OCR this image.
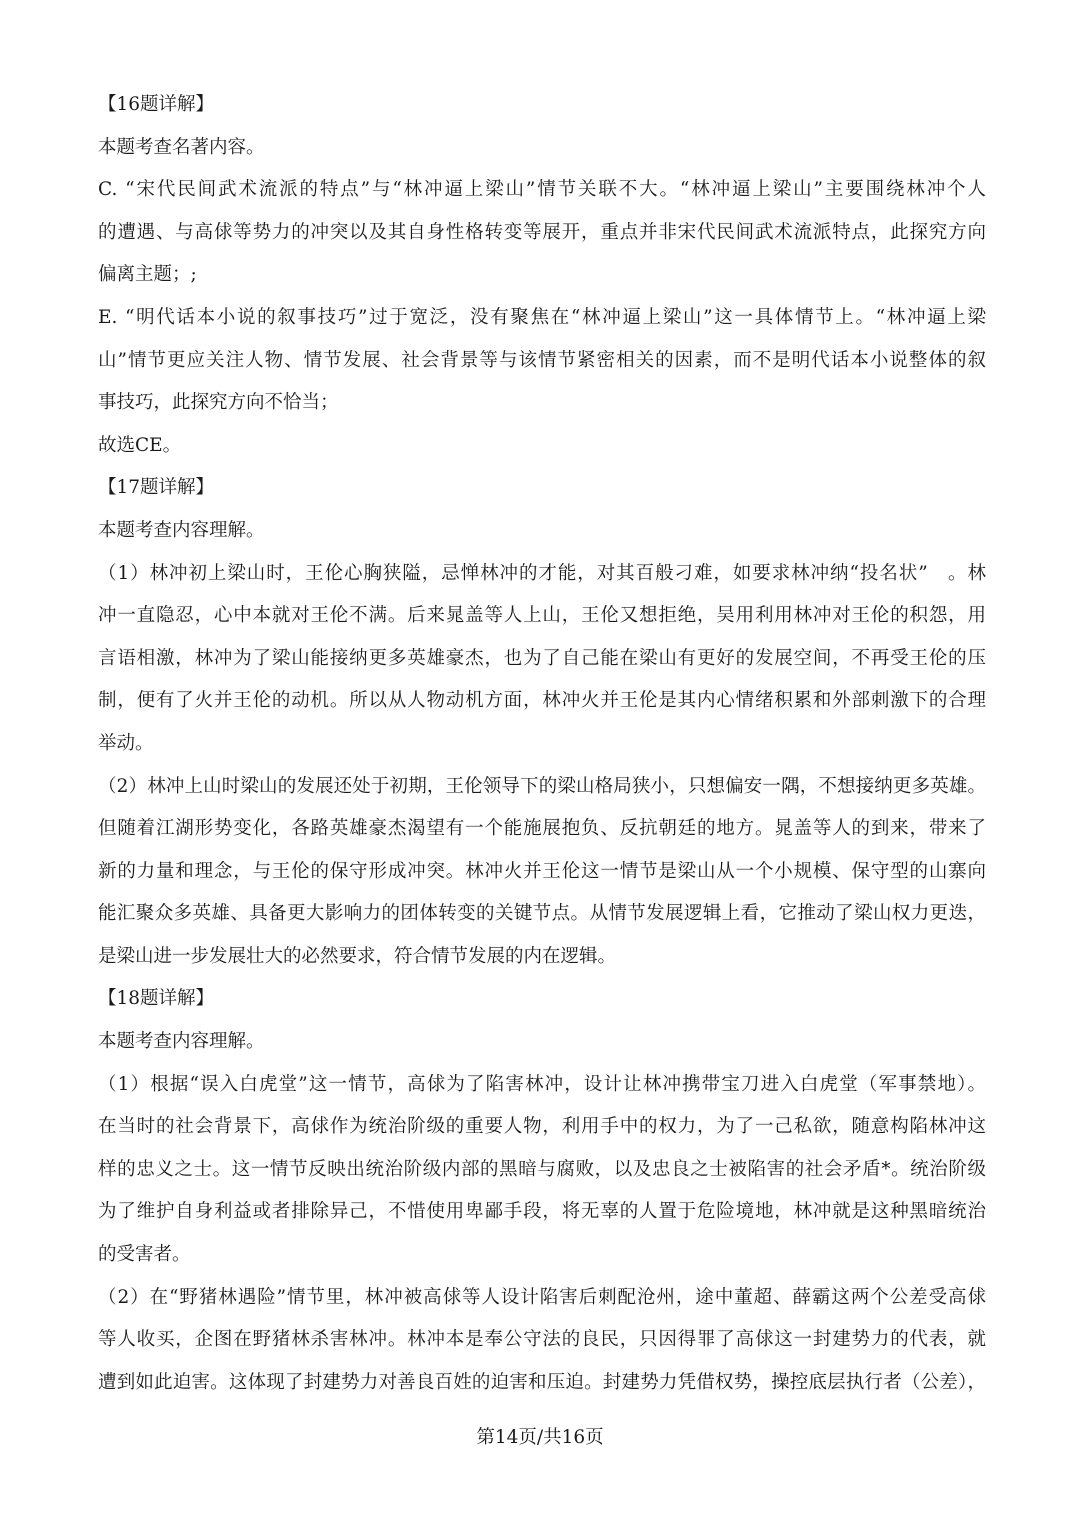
【16题详解】
本题考查名著内容。
C. “宋代民间武术流派的特点”与“林冲逼上梁山”情节关联不大。“林冲逼上梁山”主要围绕林冲个人
的遭遇、与高俅等势力的冲突以及其自身性格转变等展开，重点并非宋代民间武术流派特点，此探究方向
偏离主题；;
E. “明代话本小说的叙事技巧”过于宽泛，没有聚焦在“林冲逼上梁山”这一具体情节上。“林冲逼上梁
山”情节更应关注人物、情节发展、社会背景等与该情节紧密相关的因素，而不是明代话本小说整体的叙
事技巧，此探究方向不恰当；
故选CE。
【17题详解】
本题考查内容理解。
（1）林冲初上梁山时，王伦心胸狭隘，忌惮林冲的才能，对其百般刁难，如要求林冲纳“投名状”　。林
冲一直隐忍，心中本就对王伦不满。后来晁盖等人上山，王伦又想拒绝，吴用利用林冲对王伦的积怨，用
言语相激，林冲为了梁山能接纳更多英雄豪杰，也为了自己能在梁山有更好的发展空间，不再受王伦的压
制，便有了火并王伦的动机。所以从人物动机方面，林冲火并王伦是其内心情绪积累和外部刺激下的合理
举动。
（2）林冲上山时梁山的发展还处于初期，王伦领导下的梁山格局狭小，只想偏安一隅，不想接纳更多英雄。
但随着江湖形势变化，各路英雄豪杰渴望有一个能施展抱负、反抗朝廷的地方。晁盖等人的到来，带来了
新的力量和理念，与王伦的保守形成冲突。林冲火并王伦这一情节是梁山从一个小规模、保守型的山寨向
能汇聚众多英雄、具备更大影响力的团体转变的关键节点。从情节发展逻辑上看，它推动了梁山权力更迭，
是梁山进一步发展壮大的必然要求，符合情节发展的内在逻辑。
【18题详解】
本题考查内容理解。
（1）根据“误入白虎堂”这一情节，高俅为了陷害林冲，设计让林冲携带宝刀进入白虎堂（军事禁地）。
在当时的社会背景下，高俅作为统治阶级的重要人物，利用手中的权力，为了一己私欲，随意构陷林冲这
样的忠义之士。这一情节反映出统治阶级内部的黑暗与腐败，以及忠良之士被陷害的社会矛盾*。统治阶级
为了维护自身利益或者排除异己，不惜使用卑鄙手段，将无辜的人置于危险境地，林冲就是这种黑暗统治
的受害者。
（2）在“野猪林遇险”情节里，林冲被高俅等人设计陷害后刺配沧州，途中董超、薛霸这两个公差受高俅
等人收买，企图在野猪林杀害林冲。林冲本是奉公守法的良民，只因得罪了高俅这一封建势力的代表，就
遭到如此迫害。这体现了封建势力对善良百姓的迫害和压迫。封建势力凭借权势，操控底层执行者（公差），
第14页/共16页
